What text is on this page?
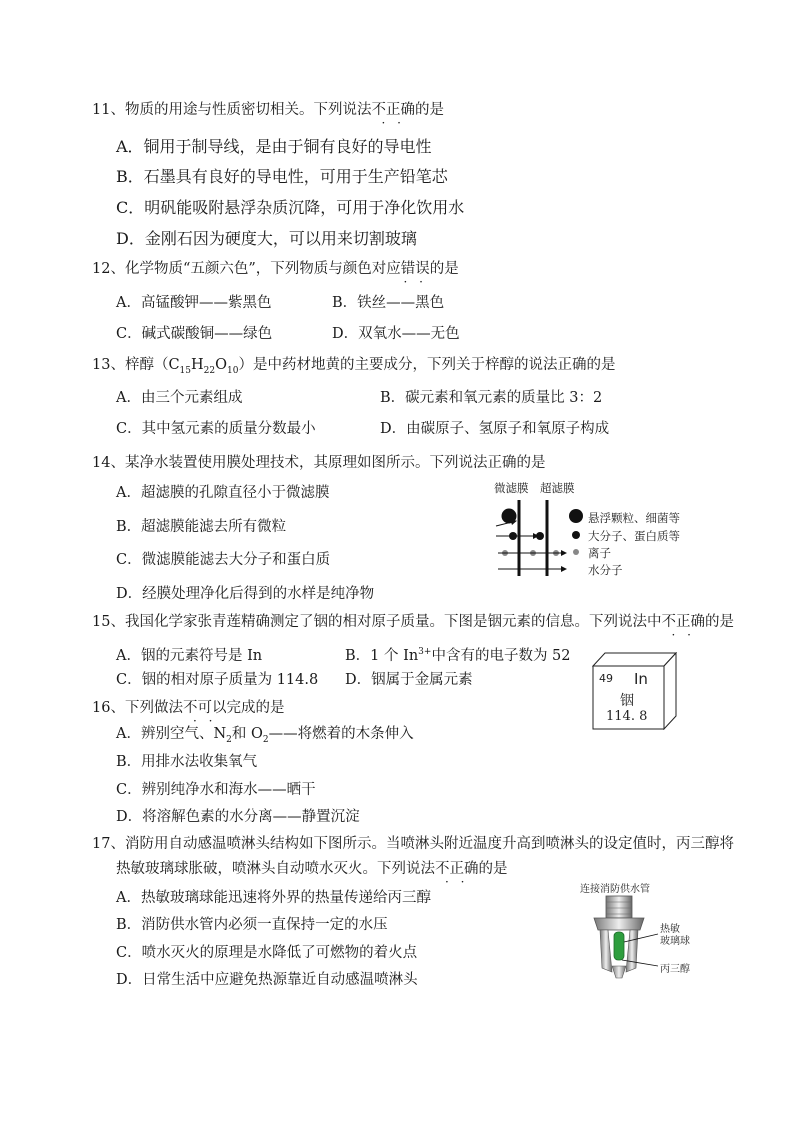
11、物质的用途与性质密切相关。下列说法不正确 · ·的是
A．铜用于制导线，是由于铜有良好的导电性
B．石墨具有良好的导电性，可用于生产铅笔芯
C．明矾能吸附悬浮杂质沉降，可用于净化饮用水
D．金刚石因为硬度大，可以用来切割玻璃
12、化学物质“五颜六色”，下列物质与颜色对应错误 · ·的是
A．高锰酸钾——紫黑色	B．铁丝——黑色
C．碱式碳酸铜——绿色	D．双氧水——无色
13、梓醇$(C_{15}H_{22}O_{10})$是中药材地黄的主要成分，下列关于梓醇的说法正确的是
A．由三个元素组成	B．碳元素和氧元素的质量比 3：2
C．其中氢元素的质量分数最小	D．由碳原子、氢原子和氧原子构成
14、某净水装置使用膜处理技术，其原理如图所示。下列说法正确的是
A．超滤膜的孔隙直径小于微滤膜
B．超滤膜能滤去所有微粒
C．微滤膜能滤去大分子和蛋白质
D．经膜处理净化后得到的水样是纯净物
微滤膜 超滤膜
悬浮颗粒、细菌等
大分子、蛋白质等
离子
水分子
15、我国化学家张青莲精确测定了铟的相对原子质量。下图是铟元素的信息。下列说法中不正确 · ·的是
A．铟的元素符号是 In	B．1 个 $In^{3+}$中含有的电子数为 52
C．铟的相对原子质量为 114.8 D．铟属于金属元素	49 In
铟
114. 8
16、下列做法不可以 · ·完成的是
A．辨别空气、$N_2$和 $O_2——$将燃着的木条伸入
B．用排水法收集氧气
C．辨别纯净水和海水——晒干
D．将溶解色素的水分离——静置沉淀
17、消防用自动感温喷淋头结构如下图所示。当喷淋头附近温度升高到喷淋头的设定值时，丙三醇将
热敏玻璃球胀破，喷淋头自动喷水灭火。下列说法不正确 · ·的是
A．热敏玻璃球能迅速将外界的热量传递给丙三醇
B．消防供水管内必须一直保持一定的水压
C．喷水灭火的原理是水降低了可燃物的着火点
D．日常生活中应避免热源靠近自动感温喷淋头
连接消防供水管
热敏
玻璃球
丙三醇
